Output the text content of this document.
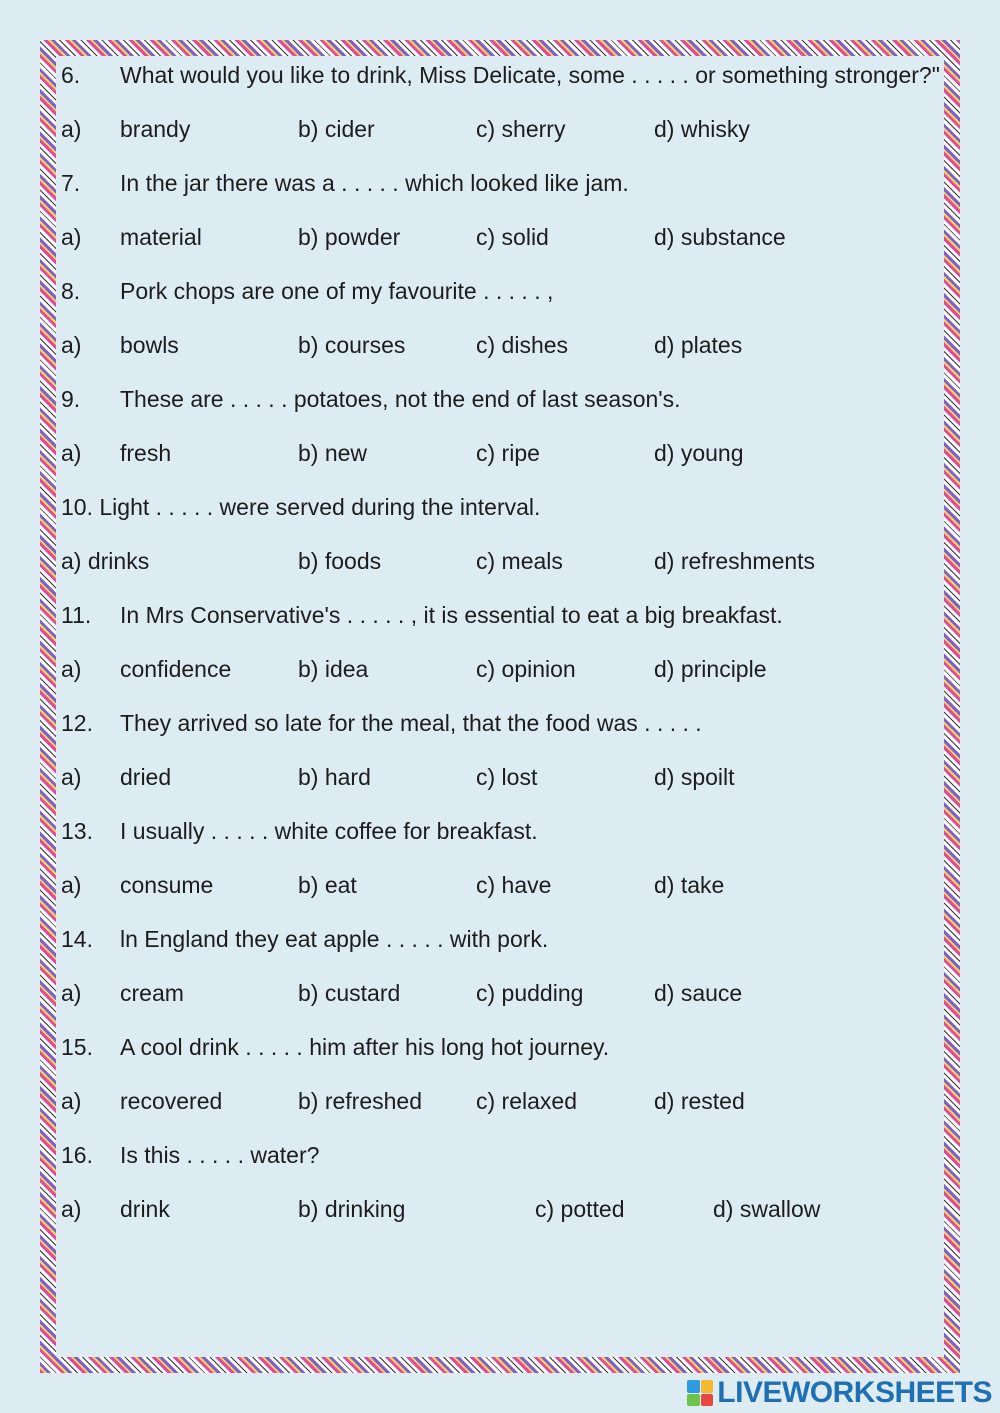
6.	What would you like to drink, Miss Delicate, some . . . . . or something stronger?"
a) brandy	b) cider	c) sherry	d) whisky
7.	In the jar there was a . . . . . which looked like jam.
a) material	b) powder	c) solid	d) substance
8.	Pork chops are one of my favourite . . . . . ,
a) bowls	b) courses	c) dishes	d) plates
9.	These are . . . . . potatoes, not the end of last season's.
a) fresh	b) new	c) ripe	d) young
10. Light . . . . . were served during the interval.
a) drinks	b) foods	c) meals	d) refreshments
11.	In Mrs Conservative's . . . . . , it is essential to eat a big breakfast.
a) confidence	b) idea	c) opinion	d) principle
12.	They arrived so late for the meal, that the food was . . . . .
a) dried	b) hard	c) lost	d) spoilt
13.	I usually . . . . . white coffee for breakfast.
a) consume	b) eat	c) have	d) take
14.	ln England they eat apple . . . . . with pork.
a) cream	b) custard	c) pudding	d) sauce
15.	A cool drink . . . . . him after his long hot journey.
a) recovered	b) refreshed c) relaxed	d) rested
16.	Is this . . . . . water?
a) drink	b) drinking	c) potted	d) swallow
LIVEWORKSHEETS
